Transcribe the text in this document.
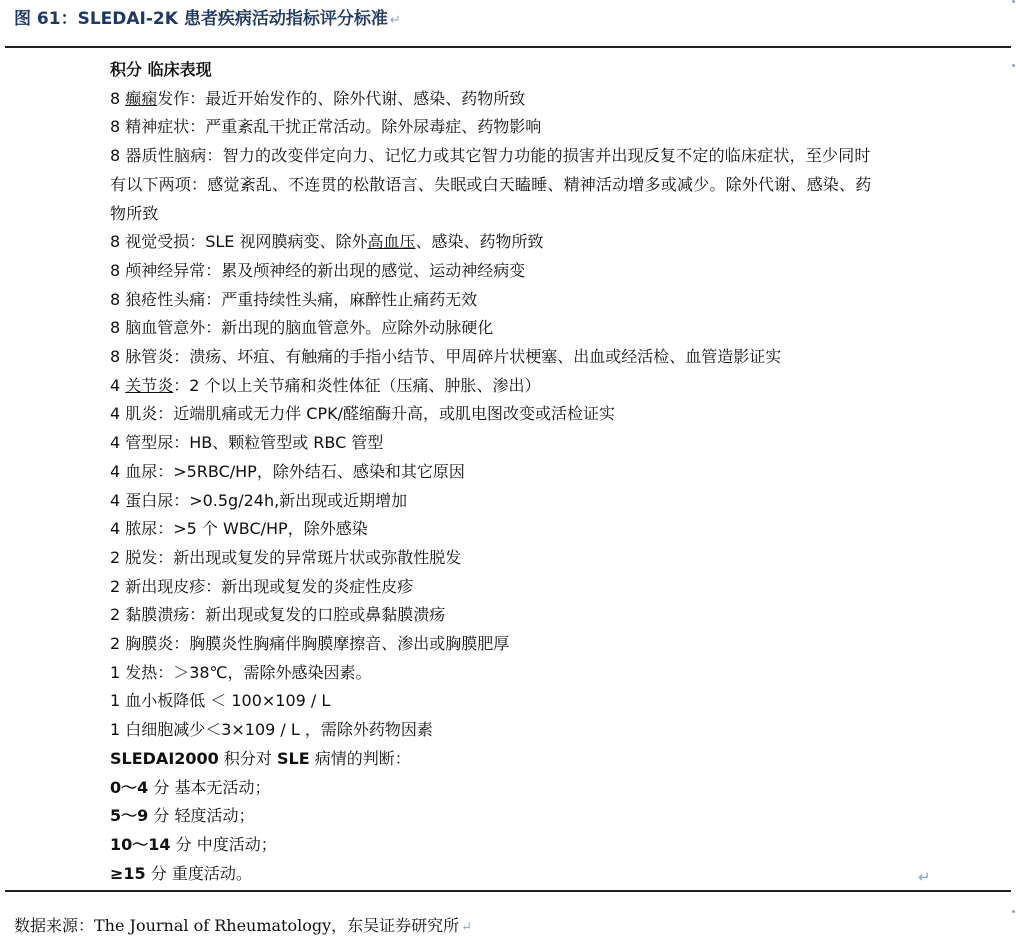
图 61：SLEDAI-2K 患者疾病活动指标评分标准 ↵
积分 临床表现
8 癫痫发作：最近开始发作的、除外代谢、感染、药物所致
8 精神症状：严重紊乱干扰正常活动。除外尿毒症、药物影响
8 器质性脑病：智力的改变伴定向力、记忆力或其它智力功能的损害并出现反复不定的临床症状，至少同时有以下两项：感觉紊乱、不连贯的松散语言、失眠或白天瞌睡、精神活动增多或减少。除外代谢、感染、药物所致
8 视觉受损：SLE 视网膜病变、除外高血压、感染、药物所致
8 颅神经异常：累及颅神经的新出现的感觉、运动神经病变
8 狼疮性头痛：严重持续性头痛，麻醉性止痛药无效
8 脑血管意外：新出现的脑血管意外。应除外动脉硬化
8 脉管炎：溃疡、坏疽、有触痛的手指小结节、甲周碎片状梗塞、出血或经活检、血管造影证实
4 关节炎：2 个以上关节痛和炎性体征（压痛、肿胀、渗出）
4 肌炎：近端肌痛或无力伴 CPK/醛缩酶升高，或肌电图改变或活检证实
4 管型尿：HB、颗粒管型或 RBC 管型
4 血尿：>5RBC/HP，除外结石、感染和其它原因
4 蛋白尿：>0.5g/24h,新出现或近期增加
4 脓尿：>5 个 WBC/HP，除外感染
2 脱发：新出现或复发的异常斑片状或弥散性脱发
2 新出现皮疹：新出现或复发的炎症性皮疹
2 黏膜溃疡：新出现或复发的口腔或鼻黏膜溃疡
2 胸膜炎：胸膜炎性胸痛伴胸膜摩擦音、渗出或胸膜肥厚
1 发热：＞38℃，需除外感染因素。
1 血小板降低 ＜ 100×109 / L
1 白细胞减少＜3×109 / L ，需除外药物因素
SLEDAI2000 积分对 SLE 病情的判断：
0～4 分 基本无活动；
5～9 分 轻度活动；
10～14 分 中度活动；
≥15 分 重度活动。	↵
数据来源：The Journal of Rheumatology，东吴证券研究所 ↵
